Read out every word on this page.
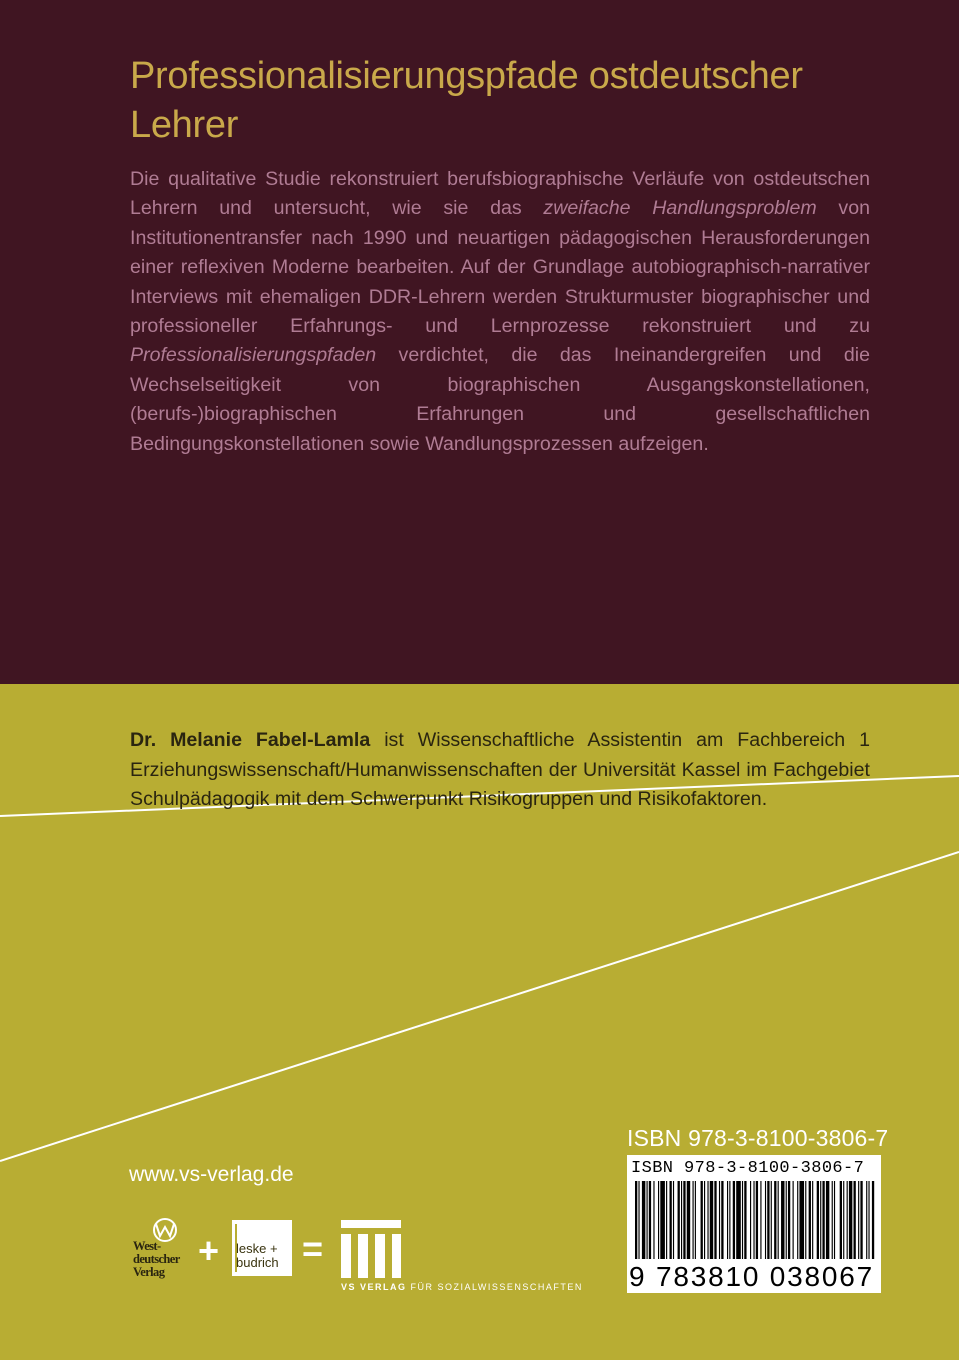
Professionalisierungspfade ostdeutscher Lehrer

Die qualitative Studie rekonstruiert berufsbiographische Verläufe von ostdeutschen Lehrern und untersucht, wie sie das zweifache Handlungsproblem von Institutionentransfer nach 1990 und neuartigen pädagogischen Herausforderungen einer reflexiven Moderne bearbeiten. Auf der Grundlage autobiographisch-narrativer Interviews mit ehemaligen DDR-Lehrern werden Strukturmuster biographischer und professioneller Erfahrungs- und Lernprozesse rekonstruiert und zu Professionalisierungspfaden verdichtet, die das Ineinandergreifen und die Wechselseitigkeit von biographischen Ausgangskonstellationen, (berufs-)biographischen Erfahrungen und gesellschaftlichen Bedingungskonstellationen sowie Wandlungsprozessen aufzeigen.

Dr. Melanie Fabel-Lamla ist Wissenschaftliche Assistentin am Fachbereich 1 Erziehungswissenschaft/Humanwissenschaften der Universität Kassel im Fachgebiet Schulpädagogik mit dem Schwerpunkt Risikogruppen und Risikofaktoren.

ISBN 978-3-8100-3806-7
ISBN 978-3-8100-3806-7
9 783810 038067
www.vs-verlag.de
West- deutscher Verlag
+ leske + budrich =
VS VERLAG FÜR SOZIALWISSENSCHAFTEN
